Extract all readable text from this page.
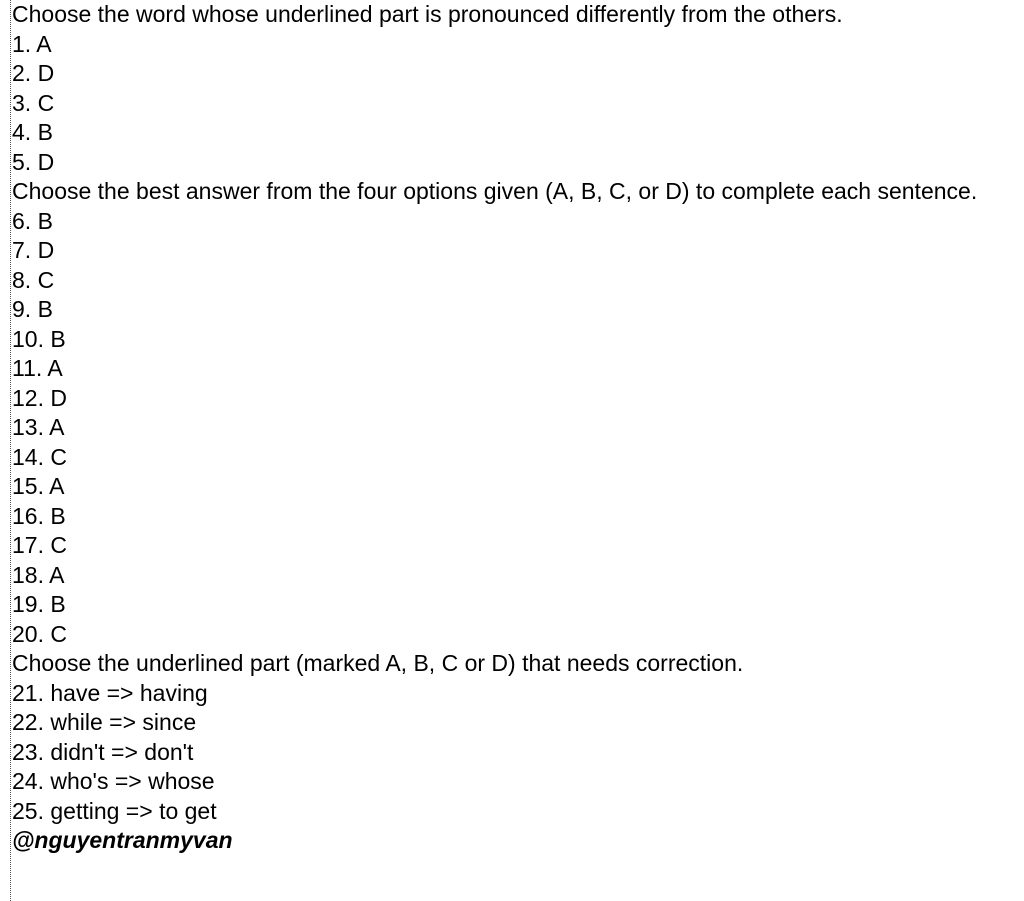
Choose the word whose underlined part is pronounced differently from the others.
1. A
2. D
3. C
4. B
5. D
Choose the best answer from the four options given (A, B, C, or D) to complete each sentence.
6. B
7. D
8. C
9. B
10. B
11. A
12. D
13. A
14. C
15. A
16. B
17. C
18. A
19. B
20. C
Choose the underlined part (marked A, B, C or D) that needs correction.
21. have => having
22. while => since
23. didn't => don't
24. who's => whose
25. getting => to get
@nguyentranmyvan
